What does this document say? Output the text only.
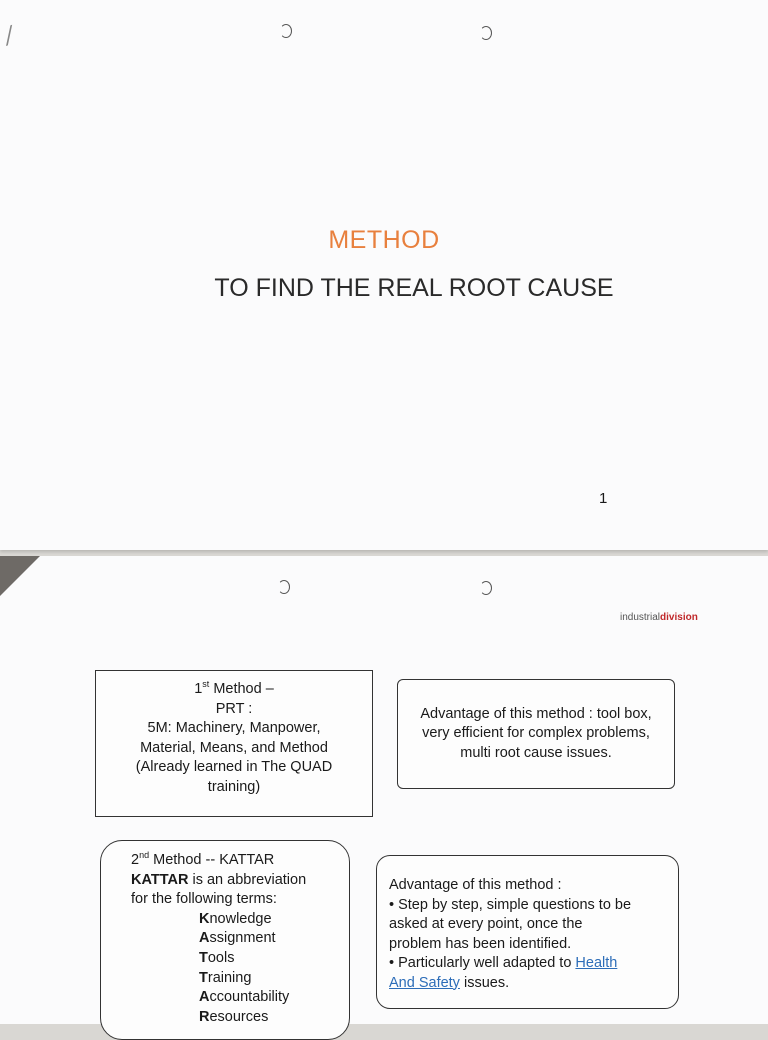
⁄
METHOD
TO FIND THE REAL ROOT CAUSE
1
industrialdivision
1st Method –
PRT :
5M: Machinery, Manpower,
Material, Means, and Method
(Already learned in The QUAD
training)
Advantage of this method : tool box,
very efficient for complex problems,
multi root cause issues.
2nd Method -- KATTAR
KATTAR is an abbreviation
for the following terms:
Knowledge
Assignment
Tools
Training
Accountability
Resources
Advantage of this method :
• Step by step, simple questions to be
asked at every point, once the
problem has been identified.
• Particularly well adapted to Health
And Safety issues.
